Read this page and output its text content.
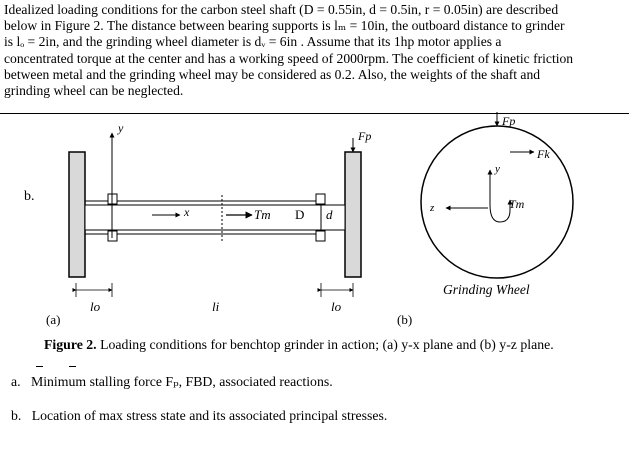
Idealized loading conditions for the carbon steel shaft (D = 0.55in, d = 0.5in, r = 0.05in) are described
below in Figure 2. The distance between bearing supports is lₘ = 10in, the outboard distance to grinder
is lₒ = 2in, and the grinding wheel diameter is dᵥ = 6in . Assume that its 1hp motor applies a
concentrated torque at the center and has a working speed of 2000rpm. The coefficient of kinetic friction
between metal and the grinding wheel may be considered as 0.2. Also, the weights of the shaft and
grinding wheel can be neglected.
b.
y
x	Tm D d
Fp
lo	li	lo
(a)	(b)
Fp
Fk
y
z	Tm
Grinding Wheel
Figure 2. Loading conditions for benchtop grinder in action; (a) y-x plane and (b) y-z plane.
a. Minimum stalling force Fₚ, FBD, associated reactions.
b. Location of max stress state and its associated principal stresses.
